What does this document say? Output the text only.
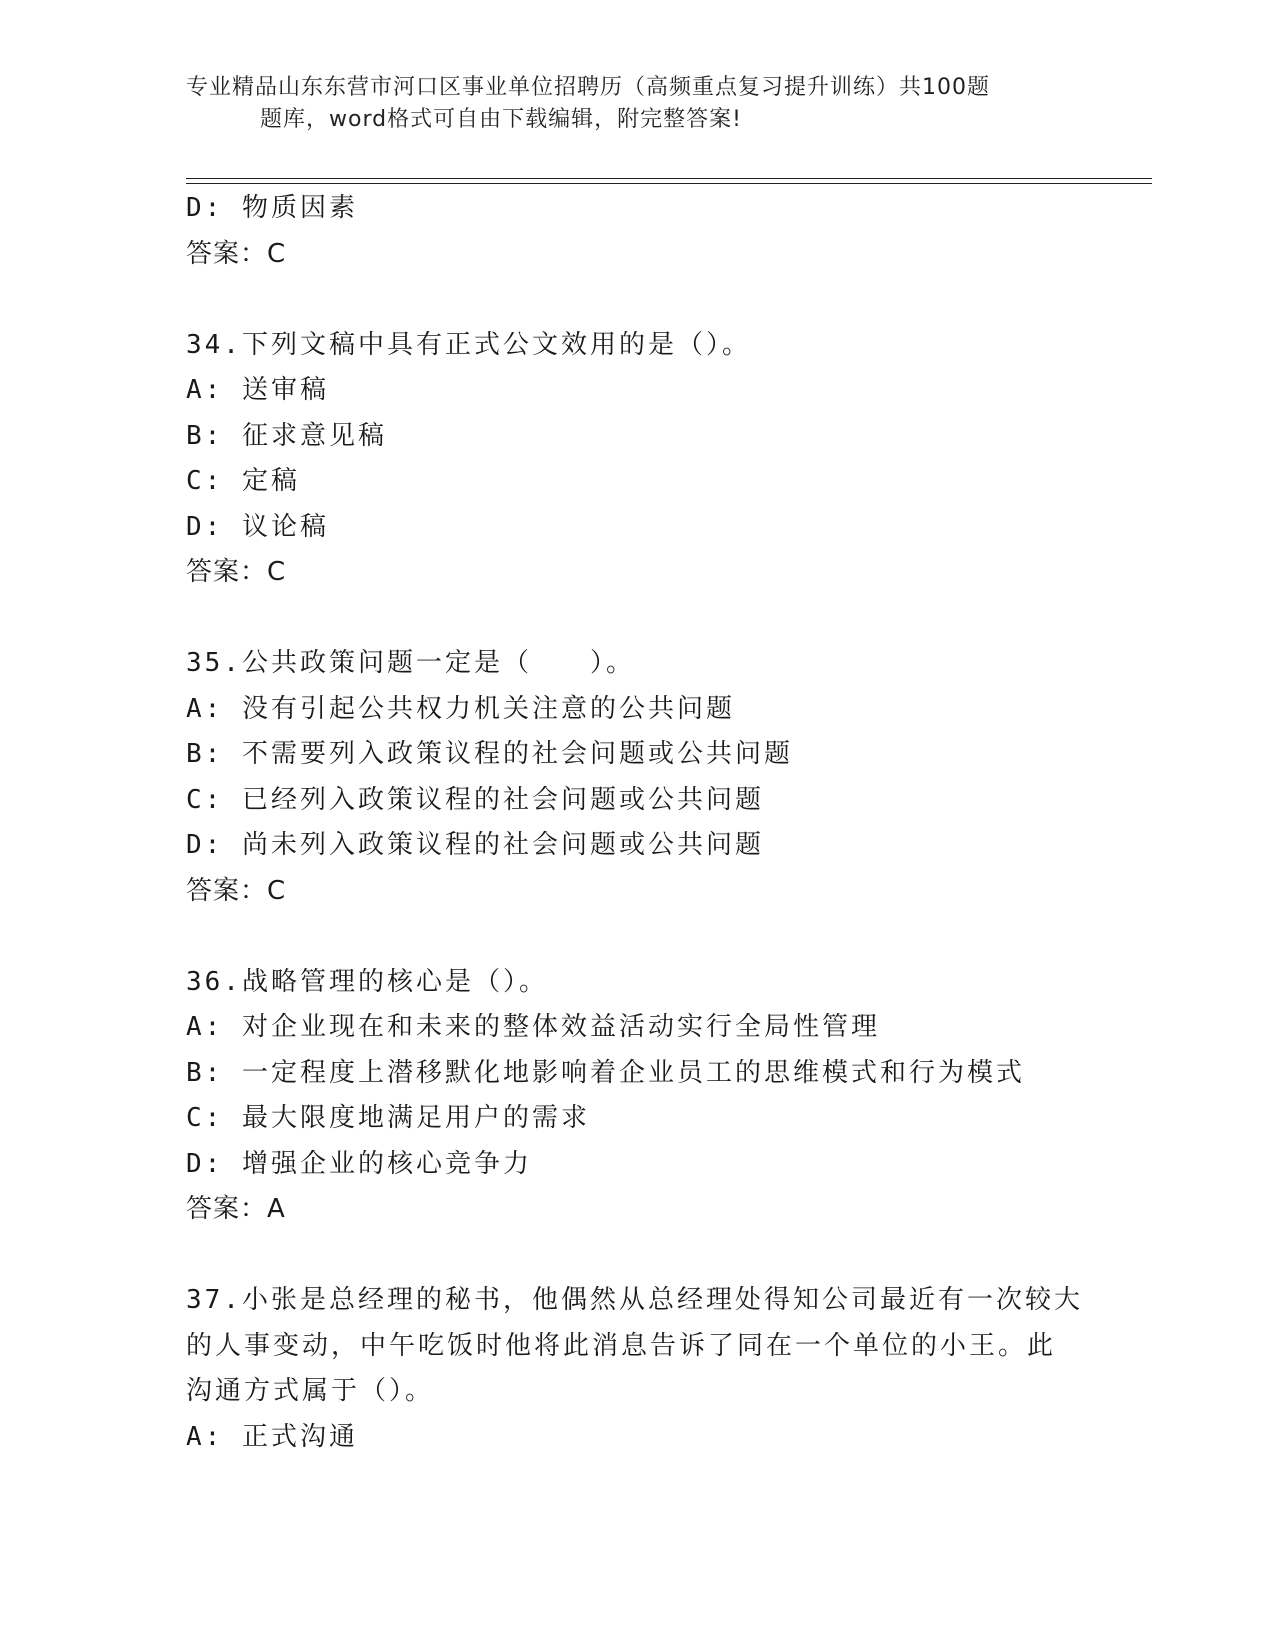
专业精品山东东营市河口区事业单位招聘历（高频重点复习提升训练）共100题
题库，word格式可自由下载编辑，附完整答案!
D: 物质因素
答案：C
34.下列文稿中具有正式公文效用的是（）。
A: 送审稿
B: 征求意见稿
C: 定稿
D: 议论稿
答案：C
35.公共政策问题一定是（　　）。
A: 没有引起公共权力机关注意的公共问题
B: 不需要列入政策议程的社会问题或公共问题
C: 已经列入政策议程的社会问题或公共问题
D: 尚未列入政策议程的社会问题或公共问题
答案：C
36.战略管理的核心是（）。
A: 对企业现在和未来的整体效益活动实行全局性管理
B: 一定程度上潜移默化地影响着企业员工的思维模式和行为模式
C: 最大限度地满足用户的需求
D: 增强企业的核心竞争力
答案：A
37.小张是总经理的秘书，他偶然从总经理处得知公司最近有一次较大
的人事变动，中午吃饭时他将此消息告诉了同在一个单位的小王。此
沟通方式属于（）。
A: 正式沟通
